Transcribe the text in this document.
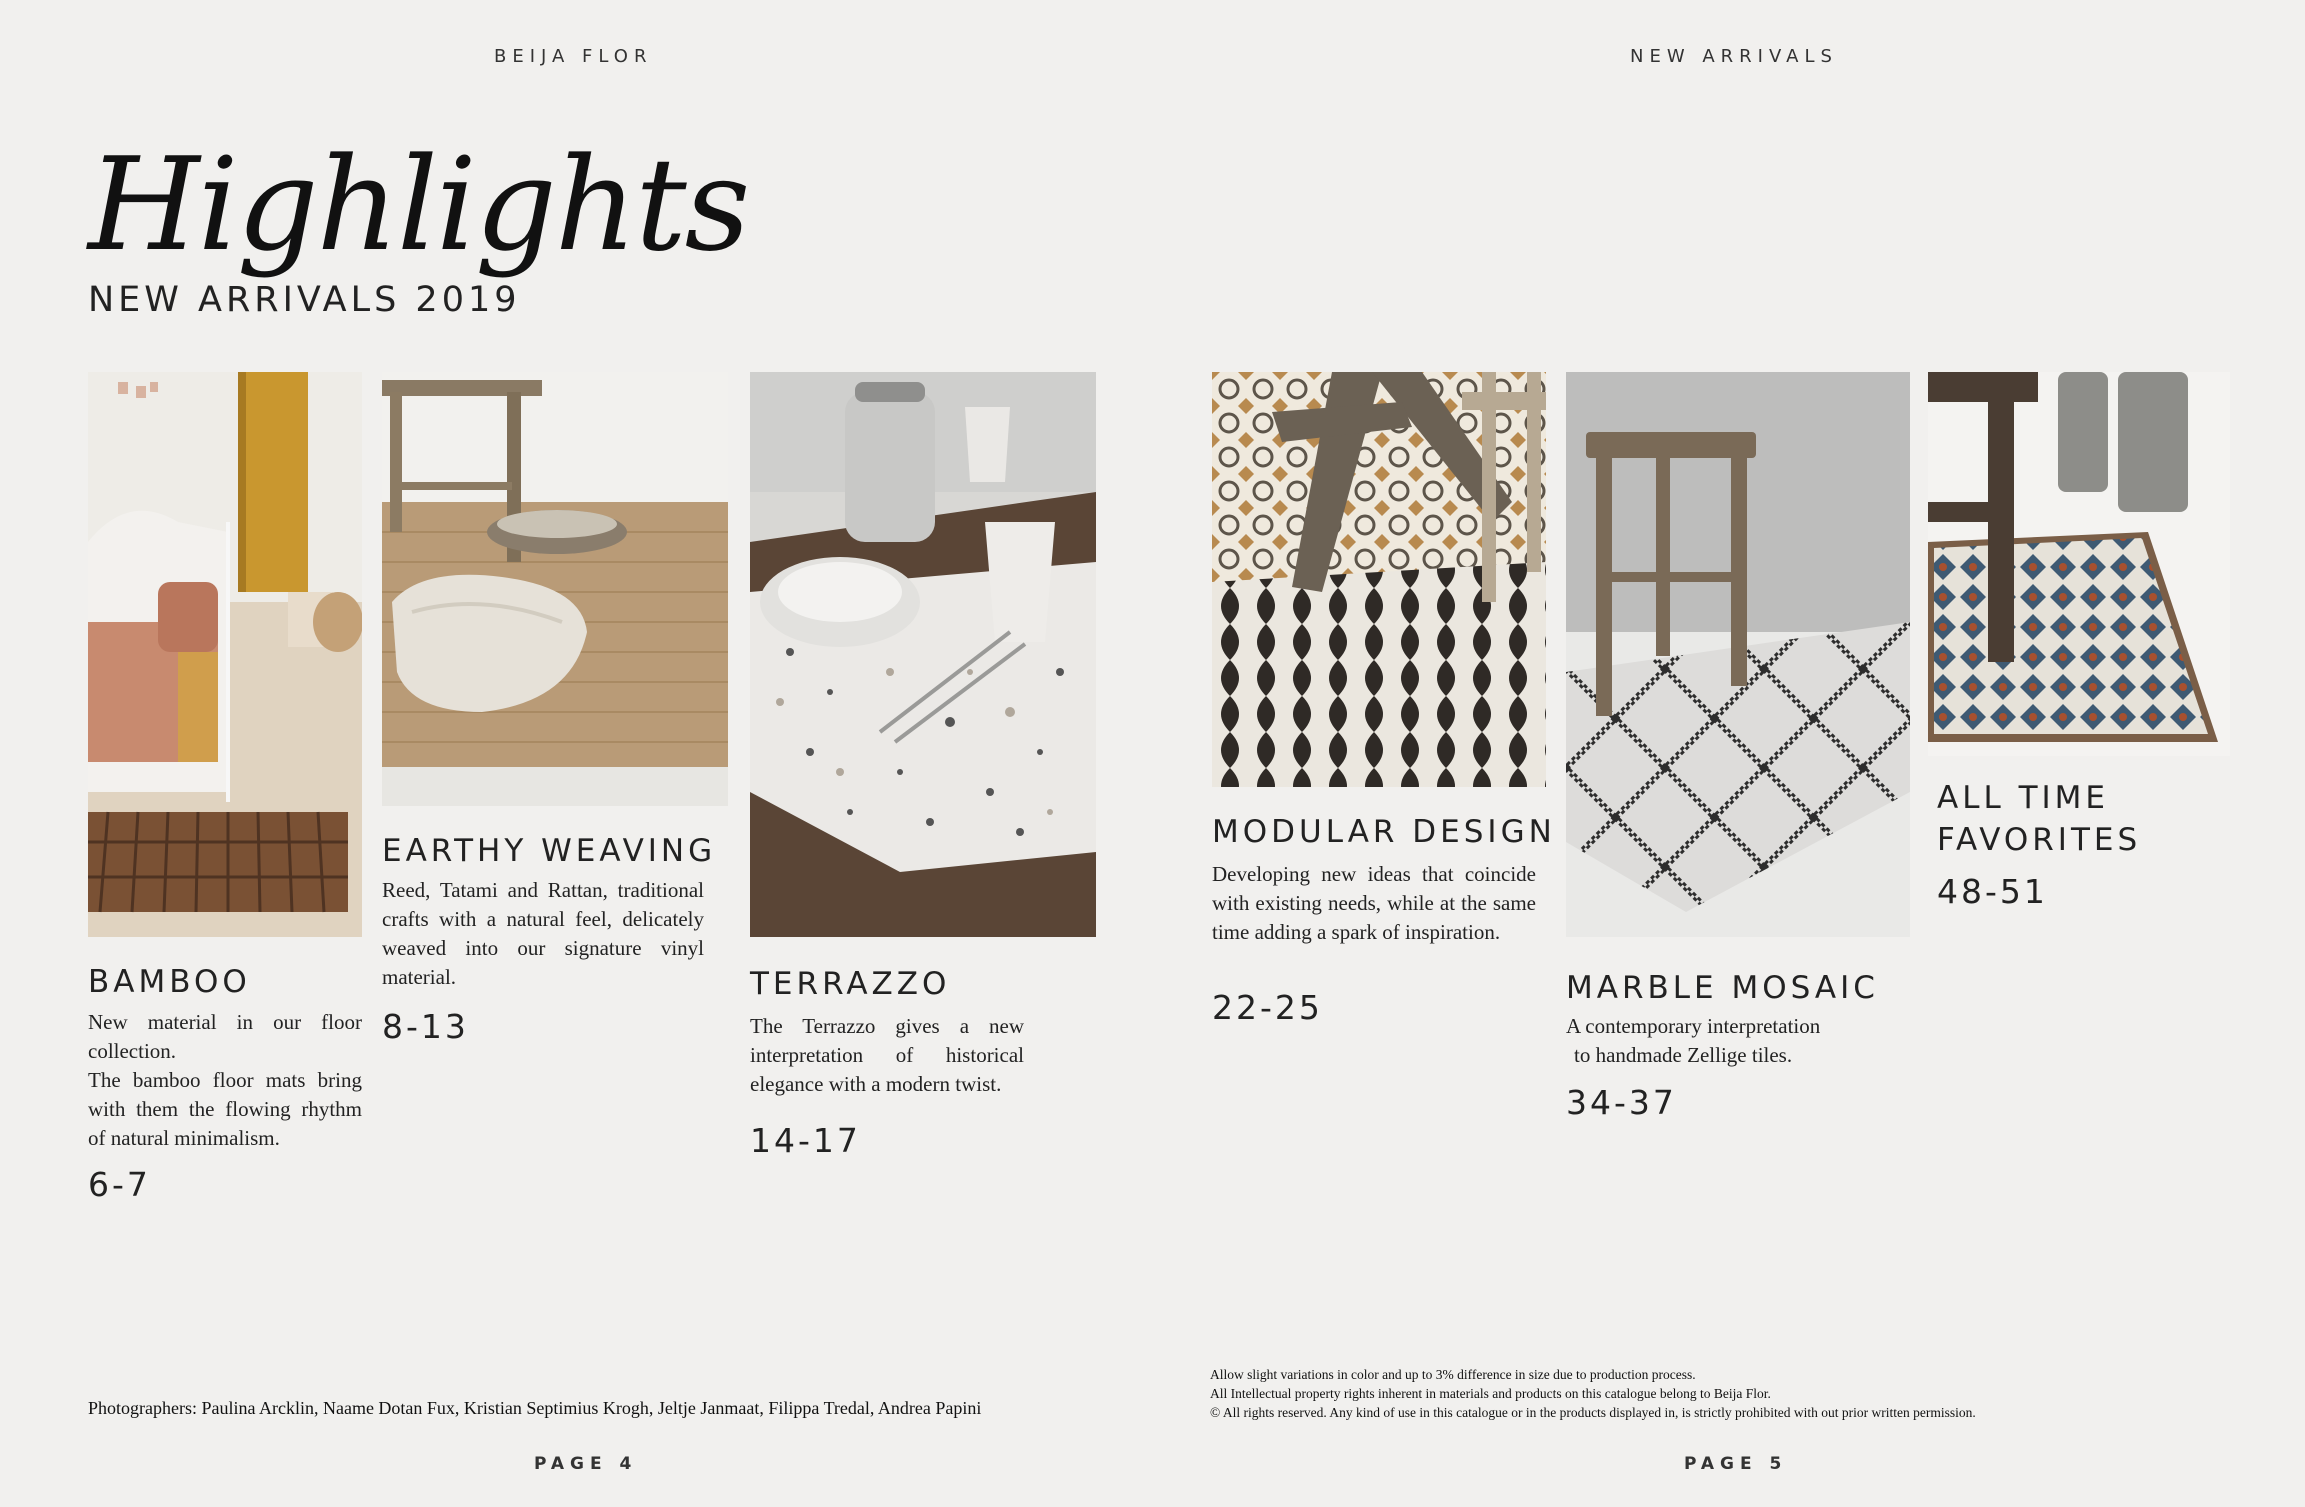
BEIJA FLOR	NEW ARRIVALS
Highlights
NEW ARRIVALS 2019
BAMBOO
New material in our floor collection.
The bamboo floor mats bring with them the flowing rhythm of natural minimalism.
6-7
EARTHY WEAVING
Reed, Tatami and Rattan, traditional crafts with a natural feel, delicately weaved into our signature vinyl material.
8-13
TERRAZZO
The Terrazzo gives a new interpretation of historical elegance with a modern twist.
14-17
MODULAR DESIGN
Developing new ideas that coincide with existing needs, while at the same time adding a spark of inspiration.
22-25	MARBLE MOSAIC
A contemporary interpretation
to handmade Zellige tiles.
34-37
ALL TIME
FAVORITES
48-51
Photographers: Paulina Arcklin, Naame Dotan Fux, Kristian Septimius Krogh, Jeltje Janmaat, Filippa Tredal, Andrea Papini
Allow slight variations in color and up to 3% difference in size due to production process.
All Intellectual property rights inherent in materials and products on this catalogue belong to Beija Flor.
© All rights reserved. Any kind of use in this catalogue or in the products displayed in, is strictly prohibited with out prior written permission.
PAGE 4	PAGE 5
